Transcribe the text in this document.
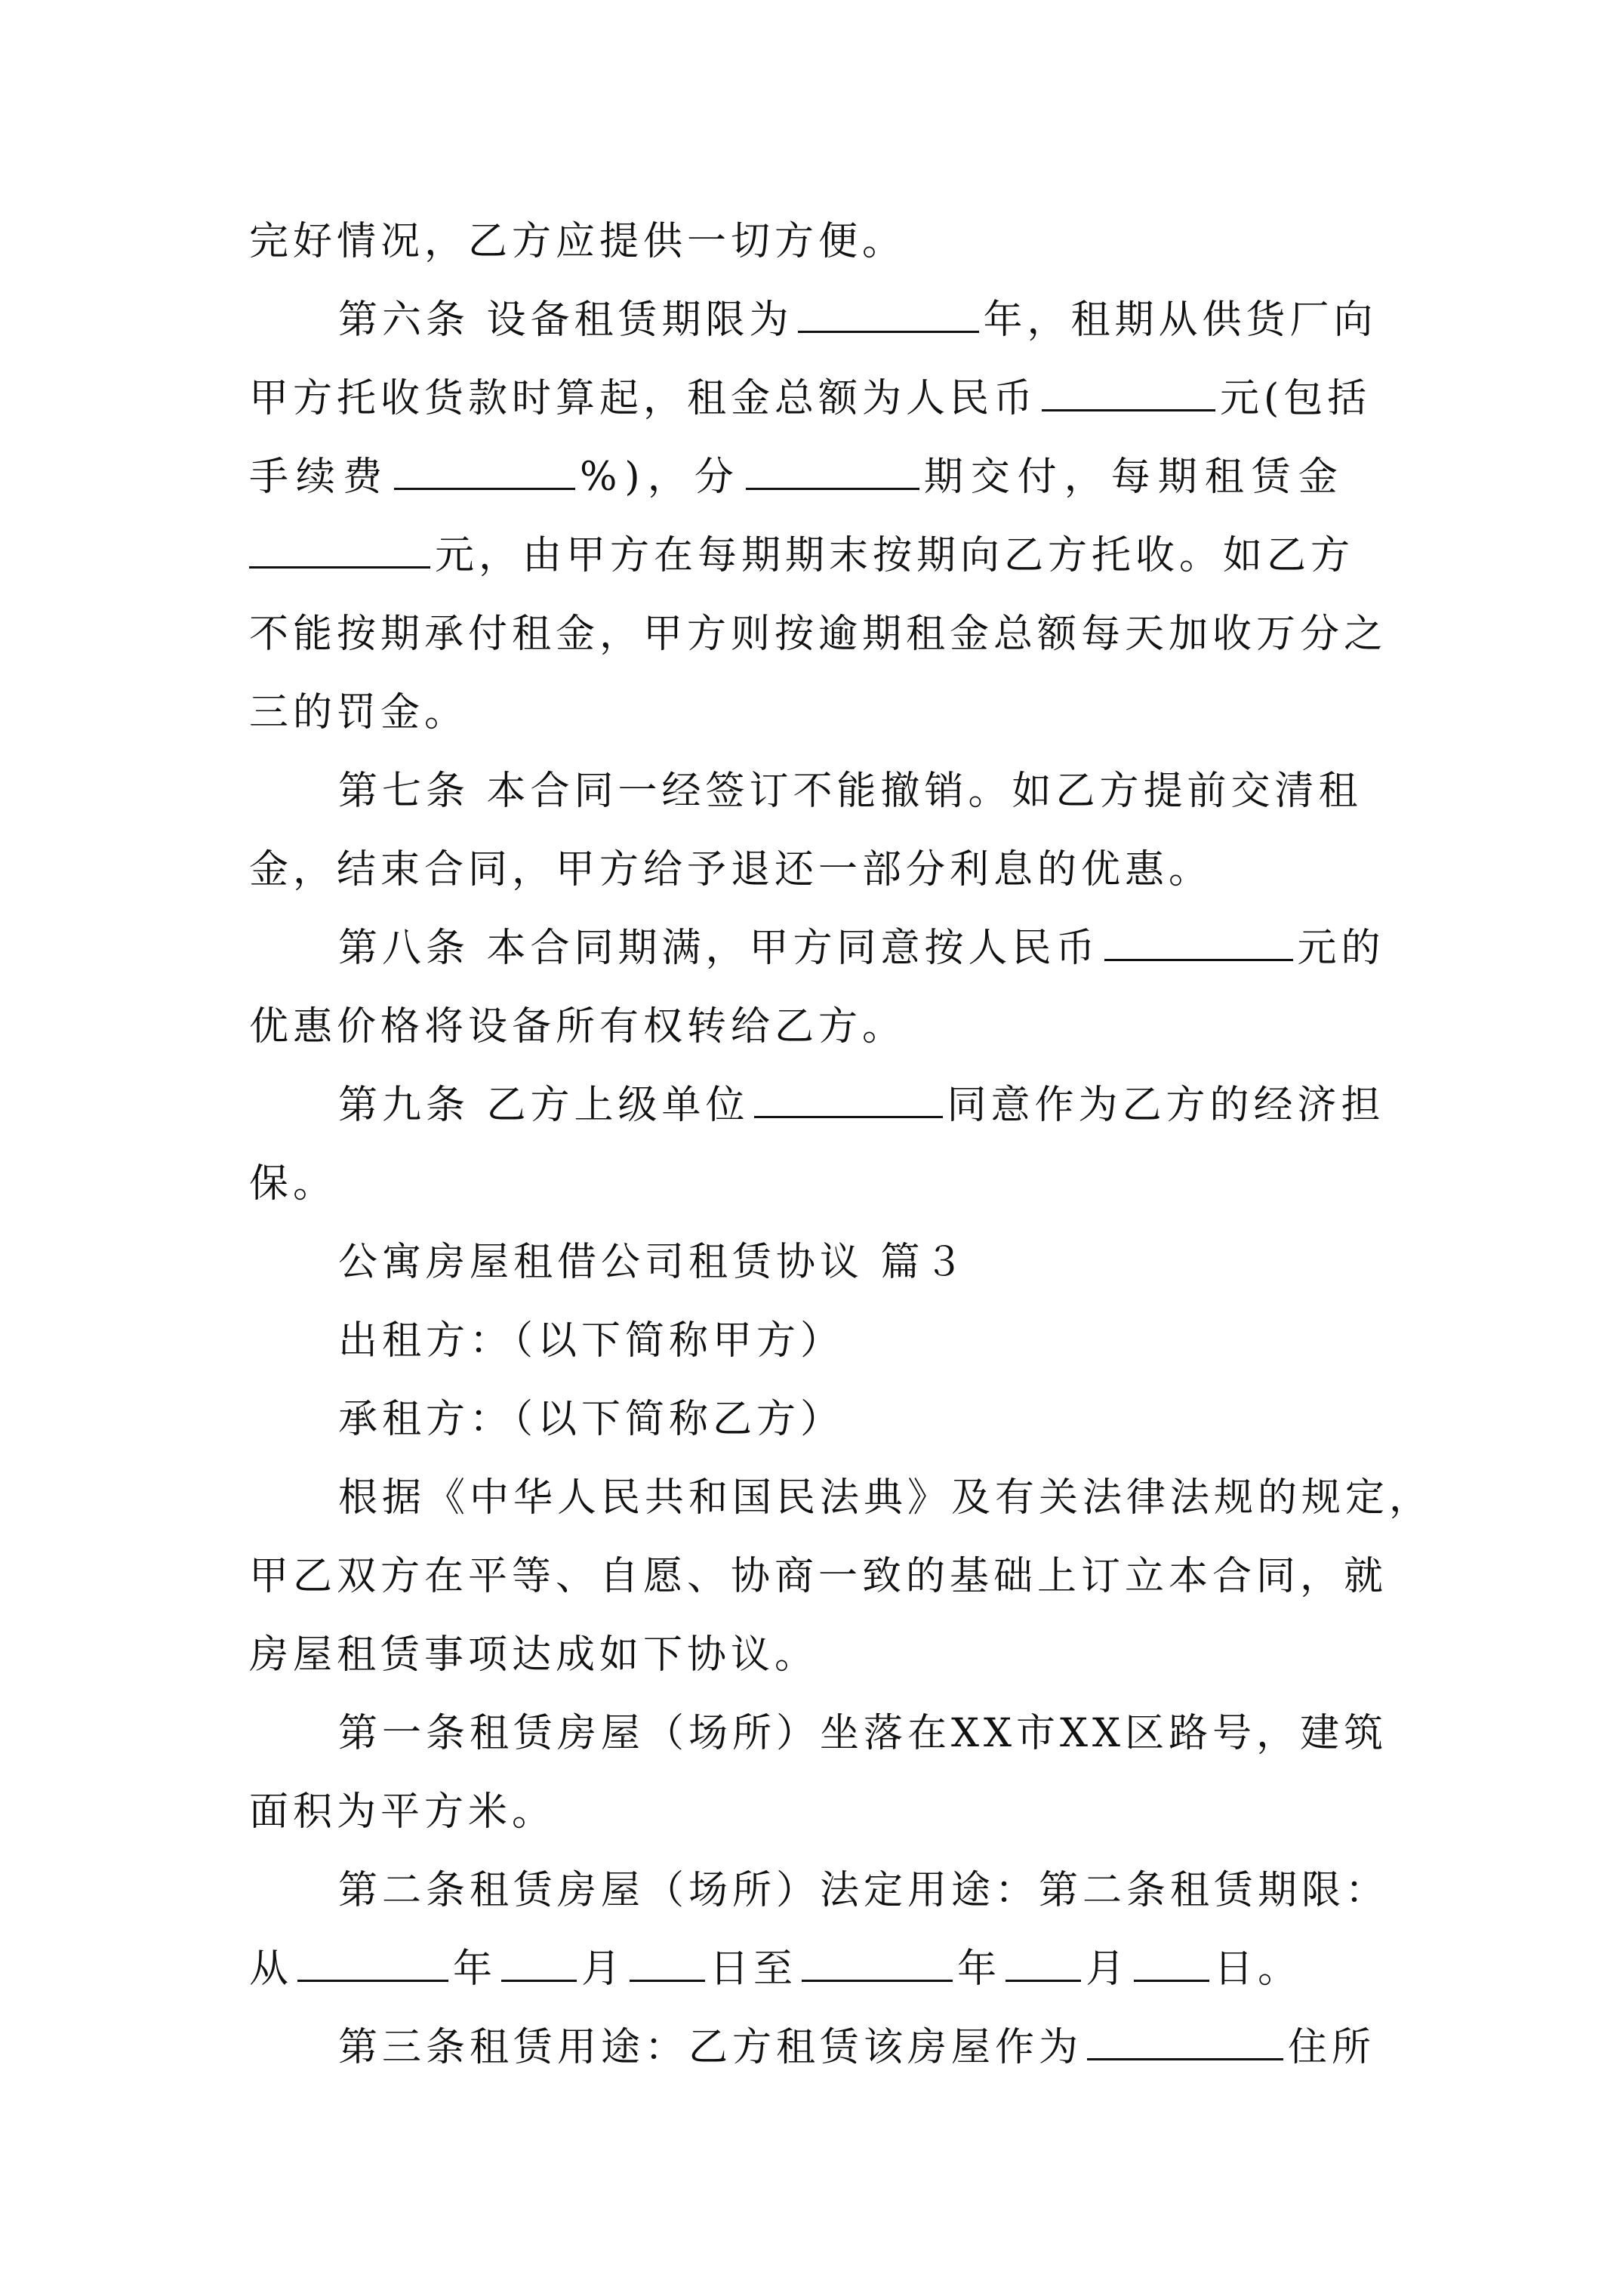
完好情况，乙方应提供一切方便。
第六条 设备租赁期限为	年，租期从供货厂向
甲方托收货款时算起，租金总额为人民币	元(包括
手续费	%)，分	期交付，每期租赁金
元，由甲方在每期期末按期向乙方托收。如乙方
不能按期承付租金，甲方则按逾期租金总额每天加收万分之
三的罚金。
第七条 本合同一经签订不能撤销。如乙方提前交清租
金，结束合同，甲方给予退还一部分利息的优惠。
第八条 本合同期满，甲方同意按人民币	元的
优惠价格将设备所有权转给乙方。
第九条 乙方上级单位	同意作为乙方的经济担
保。
公寓房屋租借公司租赁协议 篇３
出租方：（以下简称甲方）
承租方：（以下简称乙方）
根据《中华人民共和国民法典》及有关法律法规的规定，
甲乙双方在平等、自愿、协商一致的基础上订立本合同，就
房屋租赁事项达成如下协议。
第一条租赁房屋（场所）坐落在XX市XX区路号，建筑
面积为平方米。
第二条租赁房屋（场所）法定用途：第二条租赁期限：
从	年 月 日至	年 月 日。
第三条租赁用途：乙方租赁该房屋作为	住所
